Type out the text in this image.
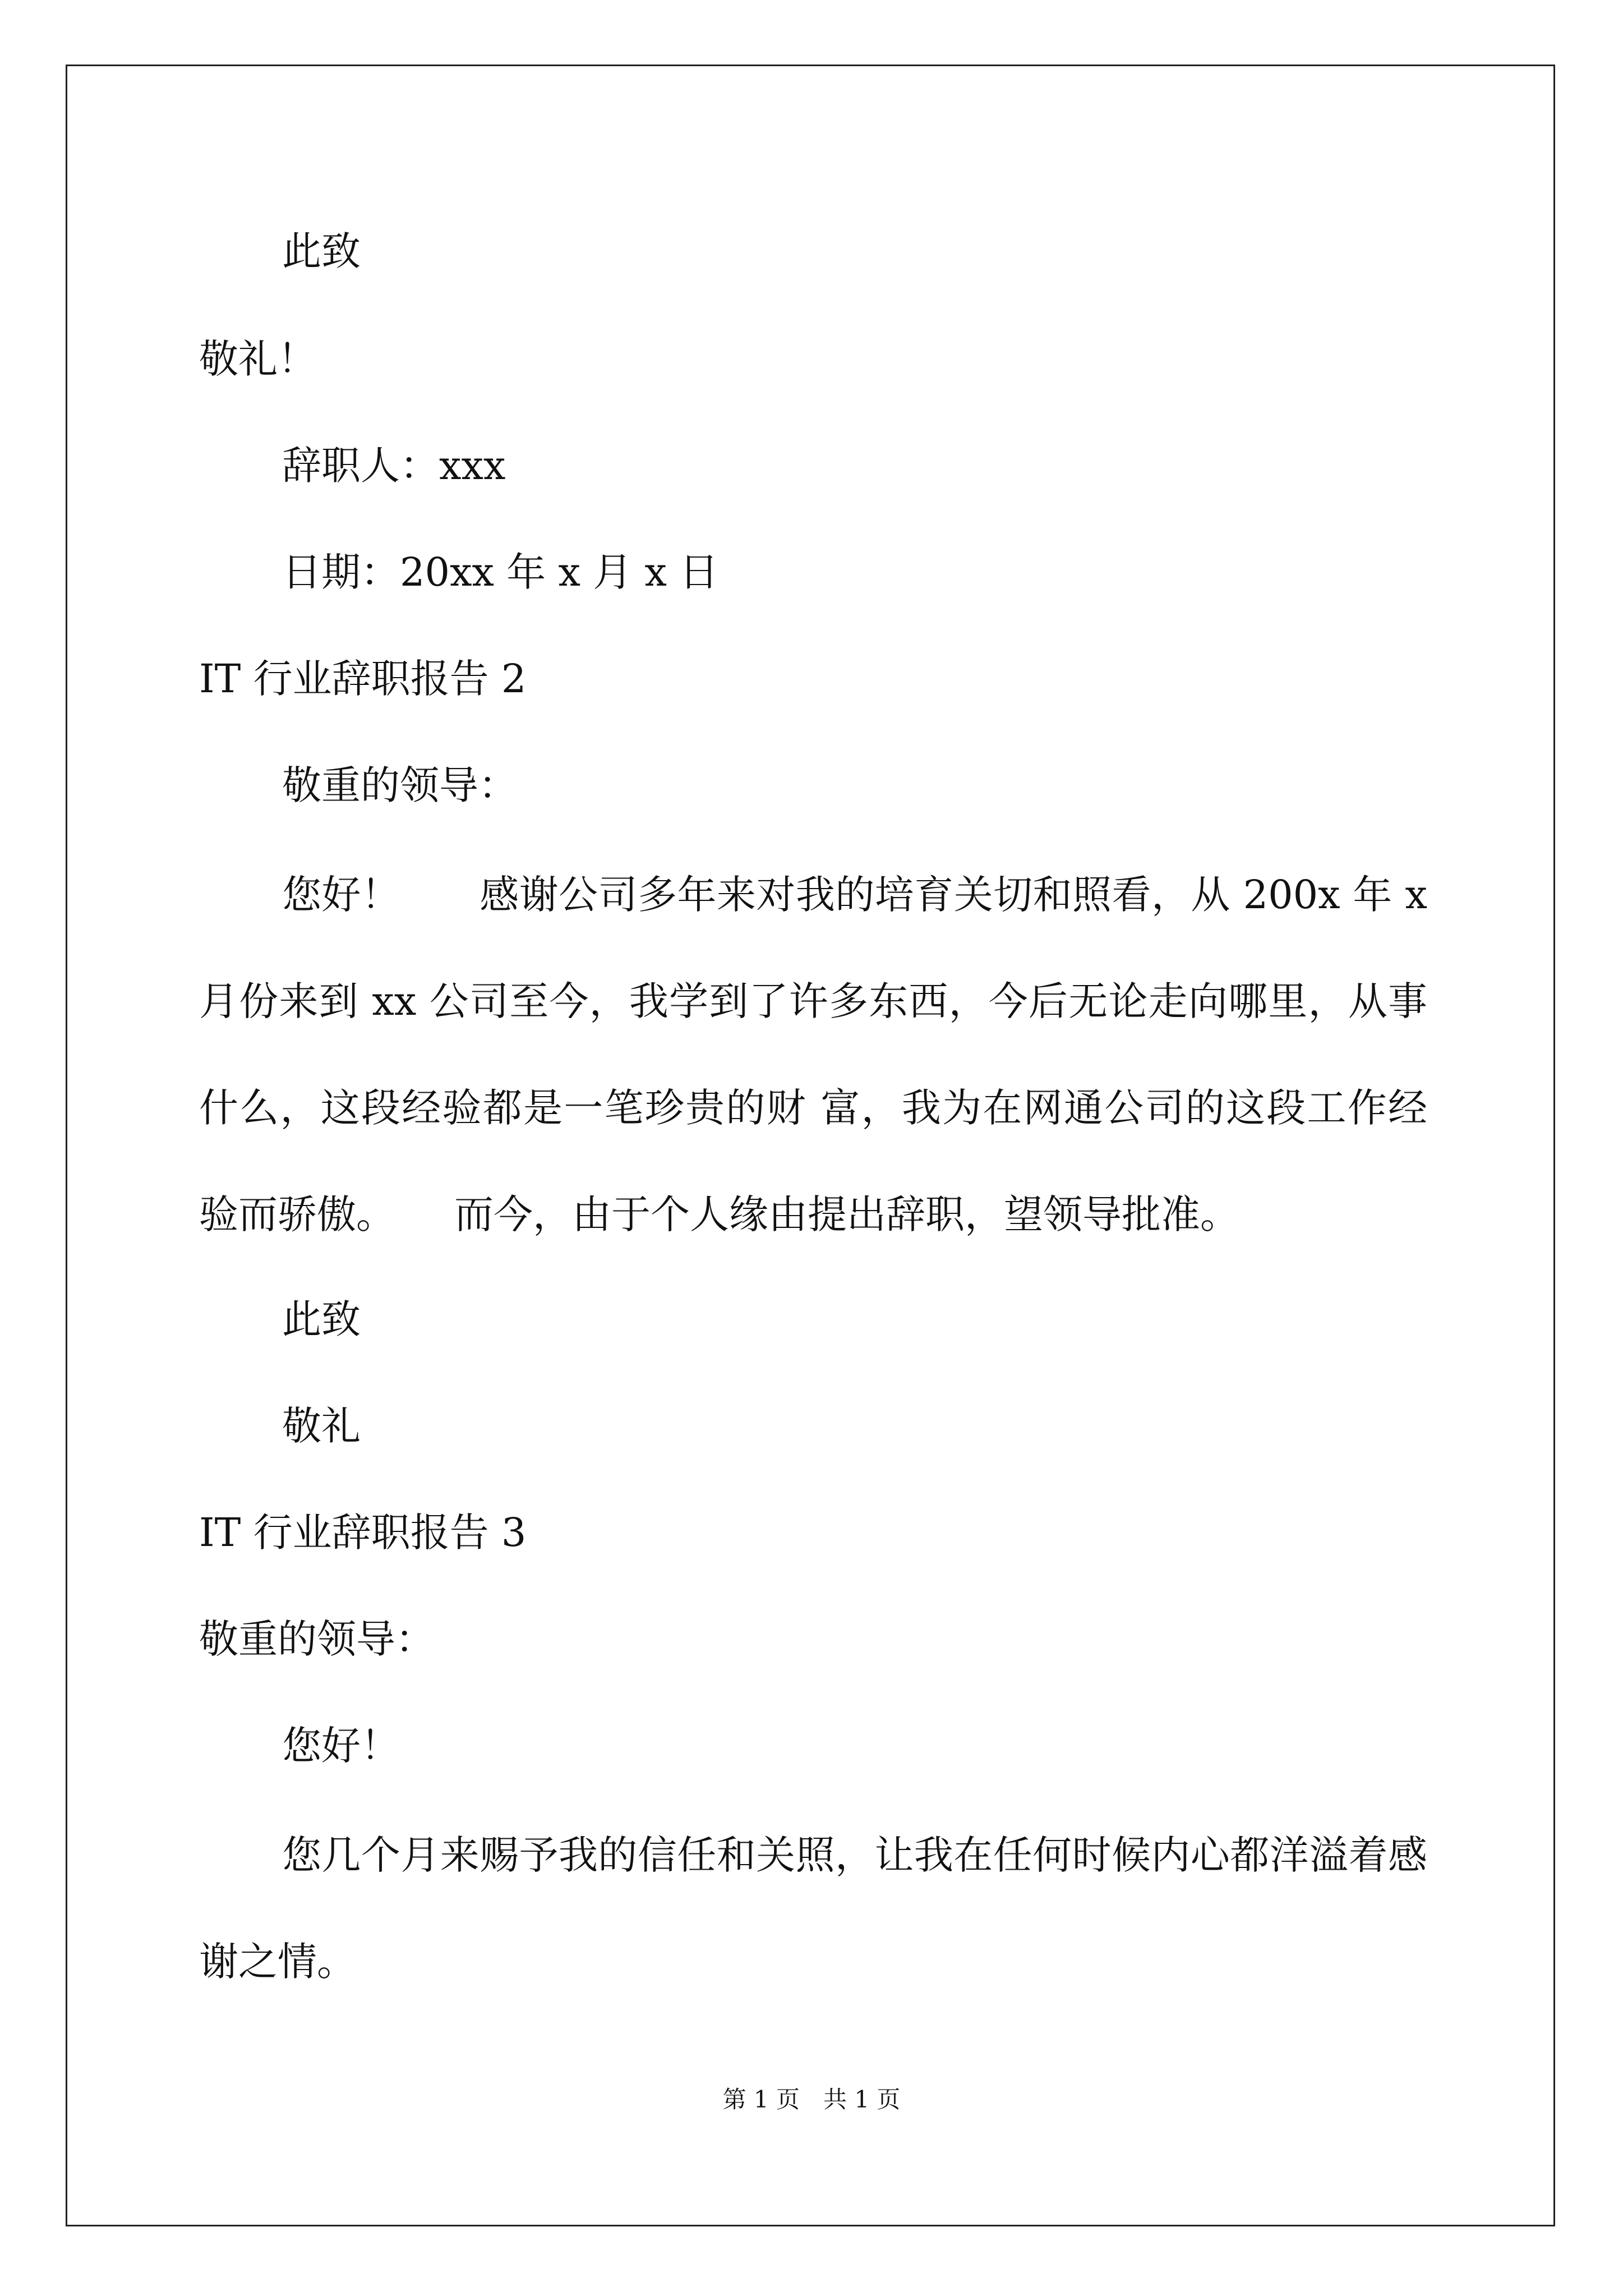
此致
敬礼！
辞职人：xxx
日期：20xx 年 x 月 x 日
IT 行业辞职报告 2
敬重的领导：

您好！　　感谢公司多年来对我的培育关切和照看，从 200x 年 x 月份来到 xx 公司至今，我学到了许多东西，今后无论走向哪里，从事什么，这段经验都是一笔珍贵的财 富，我为在网通公司的这段工作经验而骄傲。　　而今，由于个人缘由提出辞职，望领导批准。

此致
敬礼
IT 行业辞职报告 3
敬重的领导：
您好！

您几个月来赐予我的信任和关照，让我在任何时候内心都洋溢着感谢之情。

第 1 页　共 1 页
